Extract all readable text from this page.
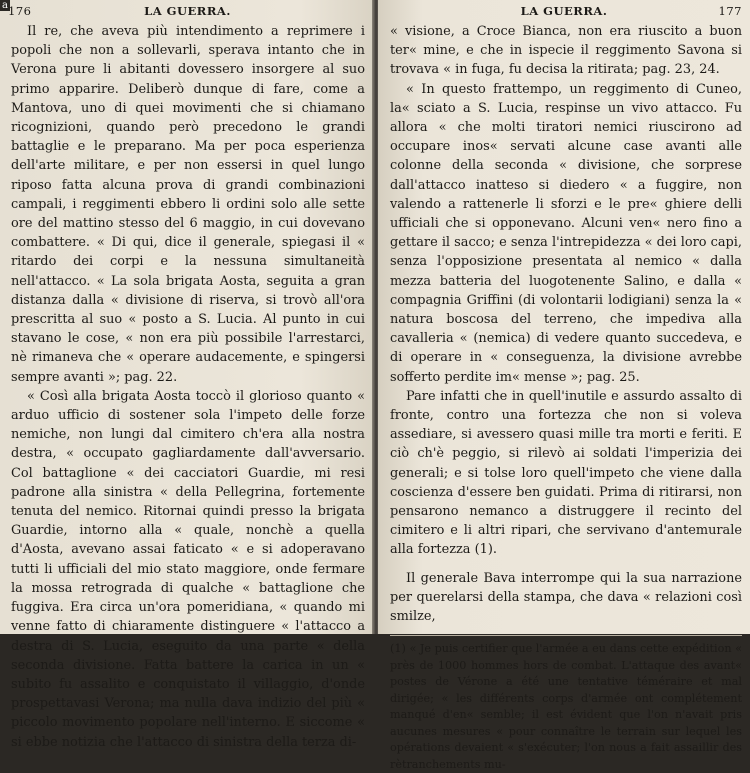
a 176	LA GUERRA.

Il re, che aveva più intendimento a reprimere i popoli che non a sollevarli, sperava intanto che in Verona pure li abitanti dovessero insorgere al suo primo apparire. Deliberò dunque di fare, come a Mantova, uno di quei movimenti che si chiamano ricognizioni, quando però precedono le grandi battaglie e le preparano. Ma per poca esperienza dell'arte militare, e per non essersi in quel lungo riposo fatta alcuna prova di grandi combinazioni campali, i reggimenti ebbero li ordini solo alle sette ore del mattino stesso del 6 maggio, in cui dovevano combattere. « Di qui, dice il generale, spiegasi il « ritardo dei corpi e la nessuna simultaneità nell'attacco. « La sola brigata Aosta, seguita a gran distanza dalla « divisione di riserva, si trovò all'ora prescritta al suo « posto a S. Lucia. Al punto in cui stavano le cose, « non era più possibile l'arrestarci, nè rimaneva che « operare audacemente, e spingersi sempre avanti »; pag. 22.

« Così alla brigata Aosta toccò il glorioso quanto « arduo ufficio di sostener sola l'impeto delle forze nemiche, non lungi dal cimitero ch'era alla nostra destra, « occupato gagliardamente dall'avversario. Col battaglione « dei cacciatori Guardie, mi resi padrone alla sinistra « della Pellegrina, fortemente tenuta del nemico. Ritornai quindi presso la brigata Guardie, intorno alla « quale, nonchè a quella d'Aosta, avevano assai faticato « e si adoperavano tutti li ufficiali del mio stato maggiore, onde fermare la mossa retrograda di qualche « battaglione che fuggiva. Era circa un'ora pomeridiana, « quando mi venne fatto di chiaramente distinguere « l'attacco a destra di S. Lucia, eseguito da una parte « della seconda divisione. Fatta battere la carica in un « subito fu assalito e conquistato il villaggio, d'onde prospettavasi Verona; ma nulla dava indizio del più « piccolo movimento popolare nell'interno. E siccome « si ebbe notizia che l'attacco di sinistra della terza di-

LA GUERRA.	177

« visione, a Croce Bianca, non era riuscito a buon ter« mine, e che in ispecie il reggimento Savona si trovava « in fuga, fu decisa la ritirata; pag. 23, 24.

« In questo frattempo, un reggimento di Cuneo, la« sciato a S. Lucia, respinse un vivo attacco. Fu allora « che molti tiratori nemici riuscirono ad occupare inos« servati alcune case avanti alle colonne della seconda « divisione, che sorprese dall'attacco inatteso si diedero « a fuggire, non valendo a rattenerle li sforzi e le pre« ghiere delli ufficiali che si opponevano. Alcuni ven« nero fino a gettare il sacco; e senza l'intrepidezza « dei loro capi, senza l'opposizione presentata al nemico « dalla mezza batteria del luogotenente Salino, e dalla « compagnia Griffini (di volontarii lodigiani) senza la « natura boscosa del terreno, che impediva alla cavalleria « (nemica) di vedere quanto succedeva, e di operare in « conseguenza, la divisione avrebbe sofferto perdite im« mense »; pag. 25.

Pare infatti che in quell'inutile e assurdo assalto di fronte, contro una fortezza che non si voleva assediare, si avessero quasi mille tra morti e feriti. E ciò ch'è peggio, si rilevò ai soldati l'imperizia dei generali; e si tolse loro quell'impeto che viene dalla coscienza d'essere ben guidati. Prima di ritirarsi, non pensarono nemanco a distruggere il recinto del cimitero e li altri ripari, che servivano d'antemurale alla fortezza (1).

Il generale Bava interrompe qui la sua narrazione per querelarsi della stampa, che dava « relazioni così smilze,

(1) « Je puis certifier que l'armée a eu dans cette expédition « près de 1000 hommes hors de combat. L'attaque des avant« postes de Vérone a été une tentative téméraire et mal dirigée; « les différents corps d'armée ont complétement manqué d'en« semble; il est évident que l'on n'avait pris aucunes mesures « pour connaître le terrain sur lequel les opérations devaient « s'exécuter; l'on nous a fait assaillir des rètranchements mu-
